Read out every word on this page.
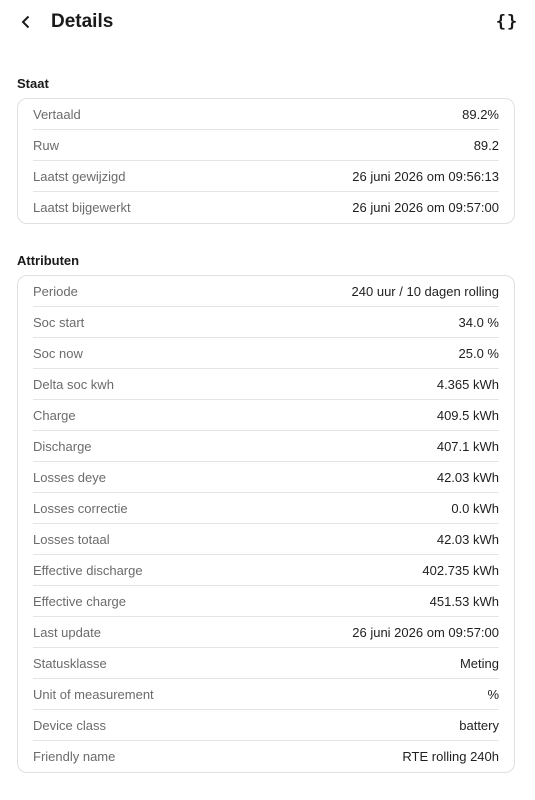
Details	{}
Staat
Vertaald	89.2%
Ruw	89.2
Laatst gewijzigd	26 juni 2026 om 09:56:13
Laatst bijgewerkt	26 juni 2026 om 09:57:00
Attributen
Periode	240 uur / 10 dagen rolling
Soc start	34.0 %
Soc now	25.0 %
Delta soc kwh	4.365 kWh
Charge	409.5 kWh
Discharge	407.1 kWh
Losses deye	42.03 kWh
Losses correctie	0.0 kWh
Losses totaal	42.03 kWh
Effective discharge	402.735 kWh
Effective charge	451.53 kWh
Last update	26 juni 2026 om 09:57:00
Statusklasse	Meting
Unit of measurement	%
Device class	battery
Friendly name	RTE rolling 240h
